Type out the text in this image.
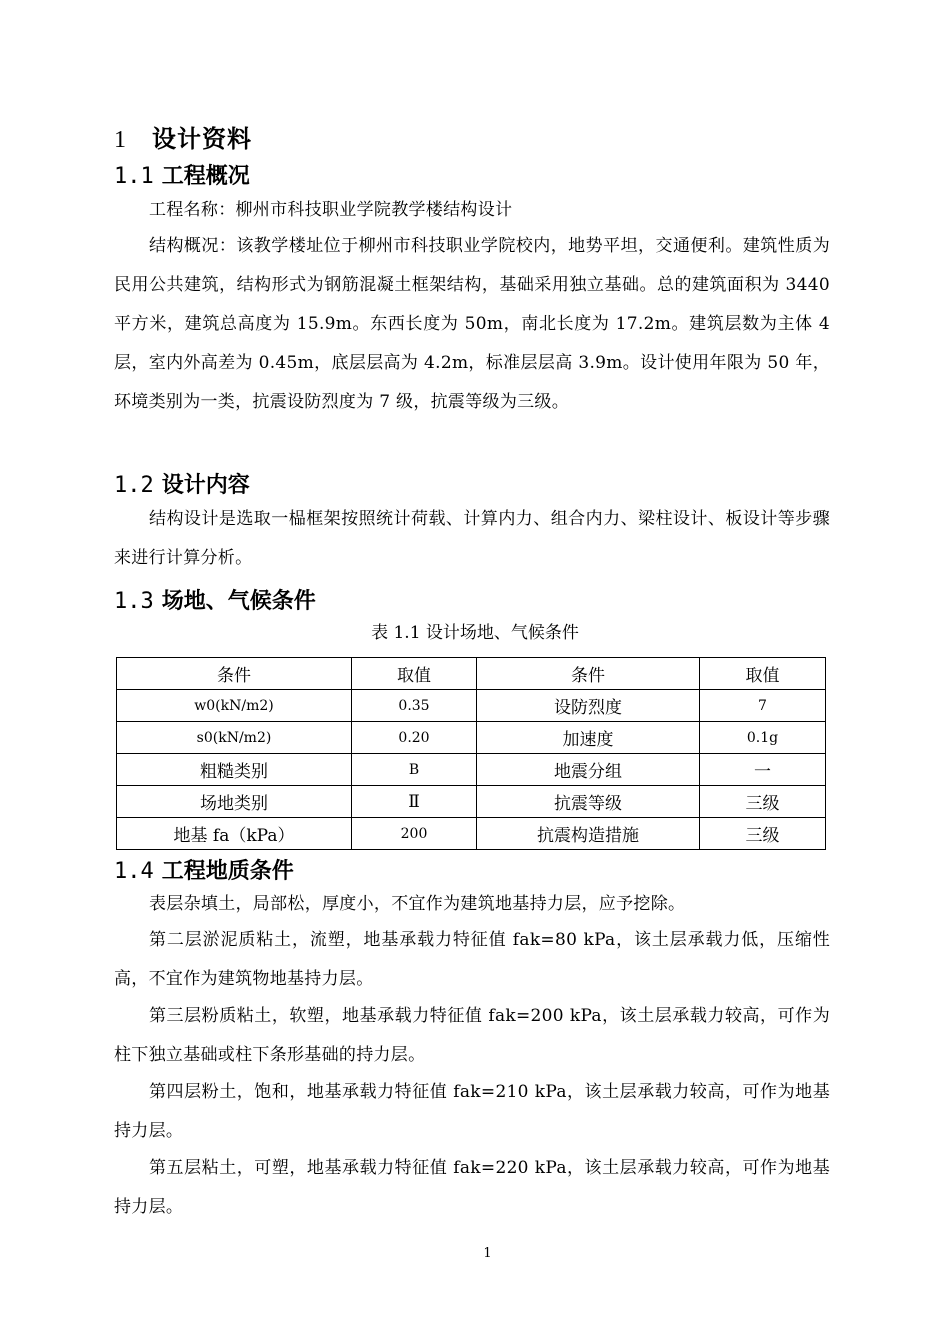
1 设计资料
1.1 工程概况
工程名称：柳州市科技职业学院教学楼结构设计
结构概况：该教学楼址位于柳州市科技职业学院校内，地势平坦，交通便利。建筑性质为民用公共建筑，结构形式为钢筋混凝土框架结构，基础采用独立基础。总的建筑面积为 3440 平方米，建筑总高度为 15.9m。东西长度为 50m，南北长度为 17.2m。建筑层数为主体 4 层，室内外高差为 0.45m，底层层高为 4.2m，标准层层高 3.9m。设计使用年限为 50 年，环境类别为一类，抗震设防烈度为 7 级，抗震等级为三级。
1.2 设计内容
结构设计是选取一榀框架按照统计荷载、计算内力、组合内力、梁柱设计、板设计等步骤来进行计算分析。
1.3 场地、气候条件
表 1.1 设计场地、气候条件
条件	取值	条件	取值
w0(kN/m2)	0.35	设防烈度	7
s0(kN/m2)	0.20	加速度	0.1g
粗糙类别	B	地震分组	一
场地类别	Ⅱ	抗震等级	三级
地基 fa（kPa）	200	抗震构造措施	三级
1.4 工程地质条件
表层杂填土，局部松，厚度小，不宜作为建筑地基持力层，应予挖除。
第二层淤泥质粘土，流塑，地基承载力特征值 fak=80 kPa，该土层承载力低，压缩性高，不宜作为建筑物地基持力层。
第三层粉质粘土，软塑，地基承载力特征值 fak=200 kPa，该土层承载力较高，可作为柱下独立基础或柱下条形基础的持力层。
第四层粉土，饱和，地基承载力特征值 fak=210 kPa，该土层承载力较高，可作为地基持力层。
第五层粘土，可塑，地基承载力特征值 fak=220 kPa，该土层承载力较高，可作为地基持力层。
1
